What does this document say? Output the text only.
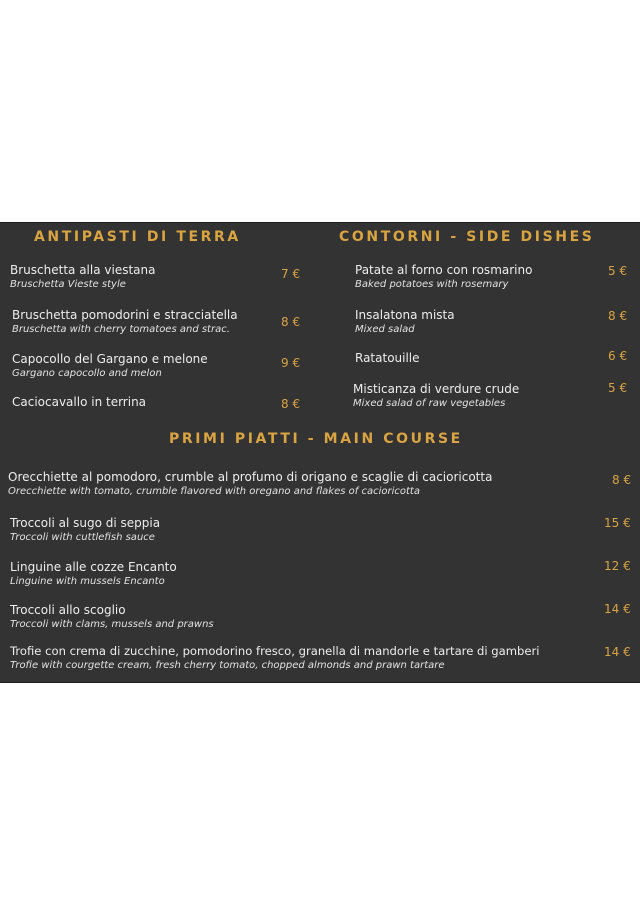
ANTIPASTI DI TERRA
Bruschetta alla viestana
Bruschetta Vieste style
7 €
Bruschetta pomodorini e stracciatella
Bruschetta with cherry tomatoes and strac.
8 €
Capocollo del Gargano e melone
Gargano capocollo and melon
9 €
Caciocavallo in terrina	8 €
CONTORNI - SIDE DISHES
Patate al forno con rosmarino
Baked potatoes with rosemary
5 €
Insalatona mista
Mixed salad
8 €
Ratatouille	6 €
Misticanza di verdure crude
Mixed salad of raw vegetables
5 €
PRIMI PIATTI - MAIN COURSE
Orecchiette al pomodoro, crumble al profumo di origano e scaglie di cacioricotta
Orecchiette with tomato, crumble flavored with oregano and flakes of cacioricotta
8 €
Troccoli al sugo di seppia
Troccoli with cuttlefish sauce
15 €
Linguine alle cozze Encanto
Linguine with mussels Encanto
12 €
Troccoli allo scoglio
Troccoli with clams, mussels and prawns
14 €
Trofie con crema di zucchine, pomodorino fresco, granella di mandorle e tartare di gamberi
Trofie with courgette cream, fresh cherry tomato, chopped almonds and prawn tartare
14 €
